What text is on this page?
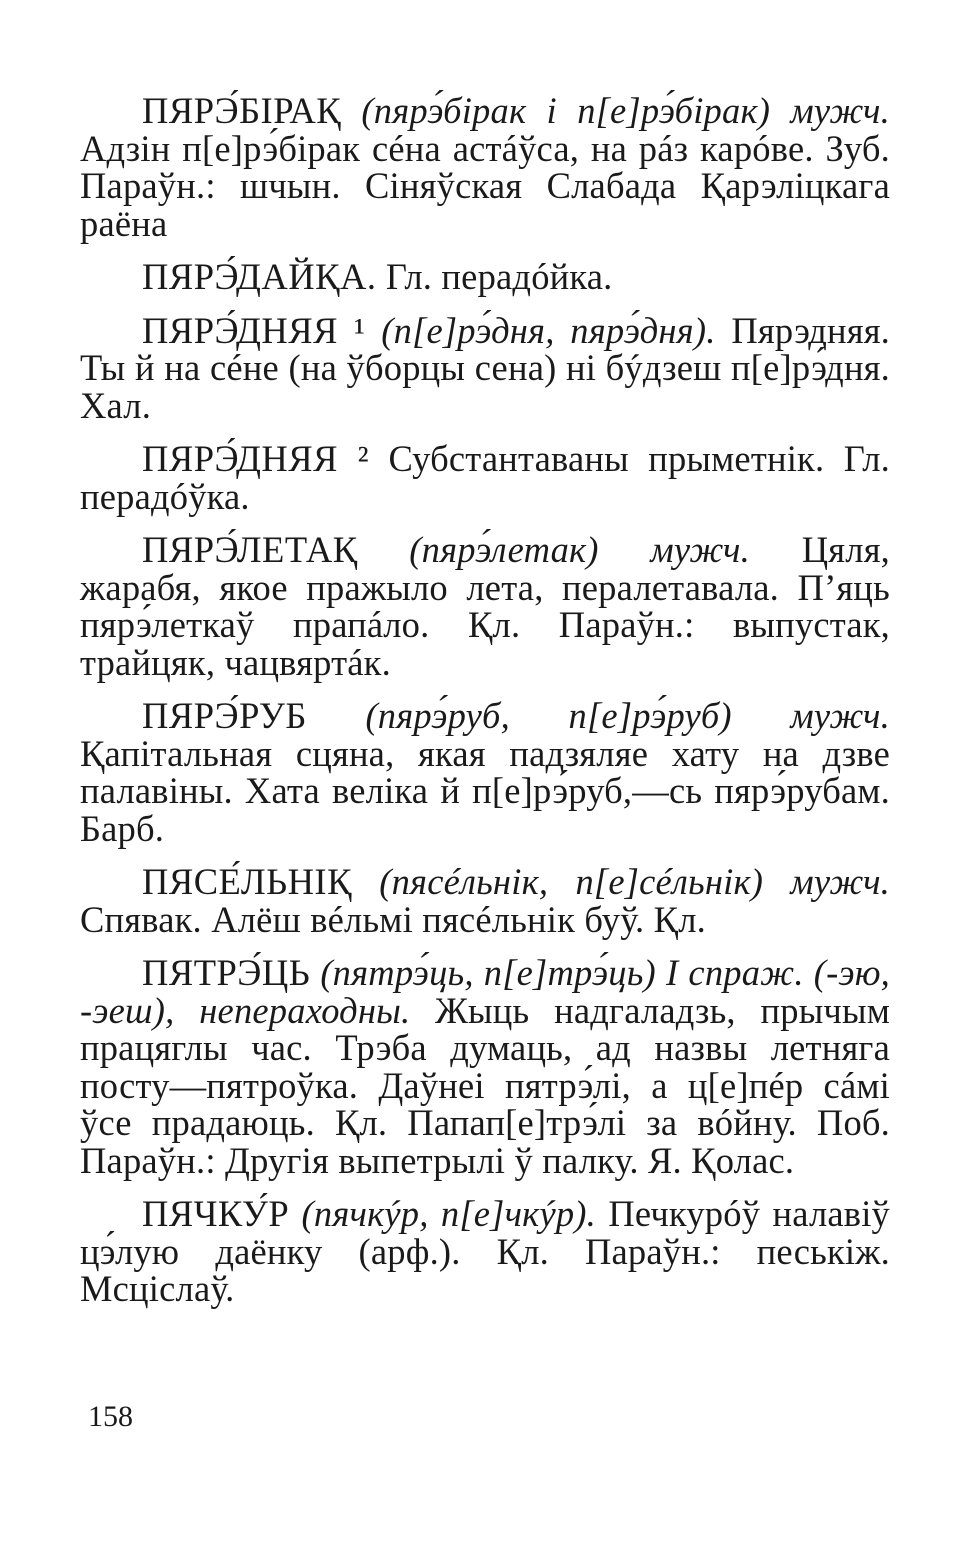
ПЯРЭ́БІРАҚ (пярэ́бірак і п[е]рэ́бірак) мужч. Адзін п[е]рэ́бірак сéна астáўса, на рáз карóве. Зуб. Параўн.: шчын. Сіняўская Слабада Қарэліцкага раёна

ПЯРЭ́ДАЙҚА. Гл. перадóйка.

ПЯРЭ́ДНЯЯ ¹ (п[е]рэ́дня, пярэ́дня). Пярэдняя. Ты й на сéне (на ўборцы сена) ні бýдзеш п[е]рэ́дня. Хал.

ПЯРЭ́ДНЯЯ ² Субстантаваны прыметнік. Гл. перадóўка.

ПЯРЭ́ЛЕТАҚ (пярэ́летак) мужч. Цяля, жарабя, якое пражыло лета, пералетавала. П’яць пярэ́леткаў прапáло. Қл. Параўн.: выпустак, трайцяк, чацвяртáк.

ПЯРЭ́РУБ (пярэ́руб, п[е]рэ́руб) мужч. Қапітальная сцяна, якая падзяляе хату на дзве палавіны. Хата веліка й п[е]рэ́руб,—сь пярэ́рубам. Барб.

ПЯСЕ́ЛЬНІҚ (пясéльнік, п[е]сéльнік) мужч. Спявак. Алёш вéльмі пясéльнік буў. Қл.

ПЯТРЭ́ЦЬ (пятрэ́ць, п[е]трэ́ць) І спраж. (-эю, -эеш), непераходны. Жыць надгаладзь, прычым працяглы час. Трэба думаць, ад назвы летняга посту—пятроўка. Даўнеі пятрэ́лі, а ц[е]пéр сáмі ўсе прадаюць. Қл. Папап[е]трэ́лі за вóйну. Поб. Параўн.: Другія выпетрылі ў палку. Я. Қолас.

ПЯЧКУ́Р (пячкýр, п[е]чкýр). Печкурóў налавіў цэ́лую даёнку (арф.). Қл. Параўн.: песькіж. Мсціслаў.

158
